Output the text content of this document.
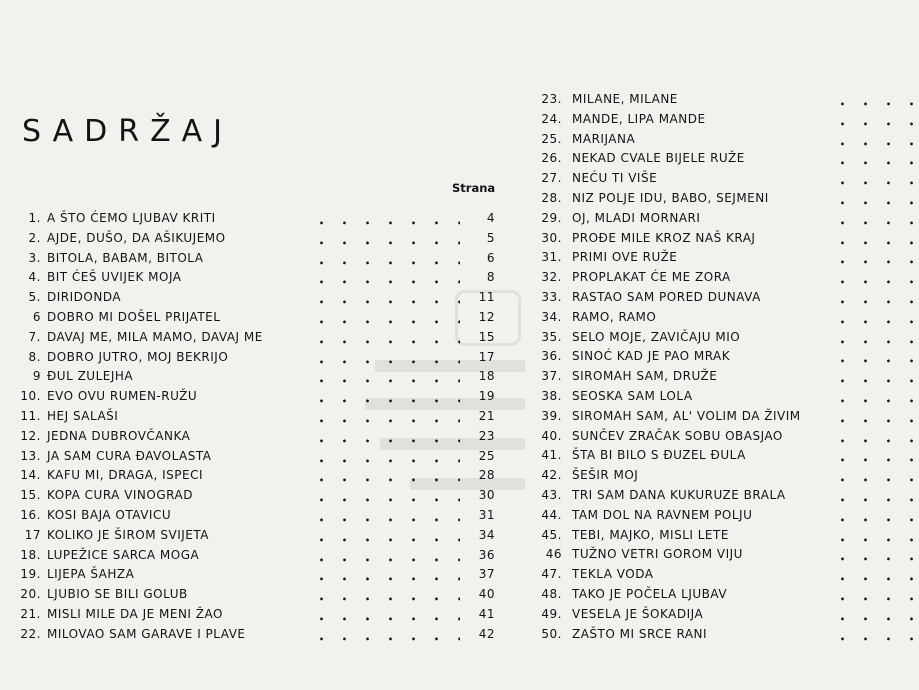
SADRŽAJ
Strana
1. A ŠTO ĆEMO LJUBAV KRITI	4
2. AJDE, DUŠO, DA AŠIKUJEMO	5
3. BITOLA, BABAM, BITOLA	6
4. BIT ĆEŠ UVIJEK MOJA	8
5. DIRIDONDA	11
6 DOBRO MI DOŠEL PRIJATEL	12
7. DAVAJ ME, MILA MAMO, DAVAJ ME	15
8. DOBRO JUTRO, MOJ BEKRIJO	17
9 ĐUL ZULEJHA	18
10. EVO OVU RUMEN-RUŽU	19
11. HEJ SALAŠI	21
12. JEDNA DUBROVČANKA	23
13. JA SAM CURA ĐAVOLASTA	25
14. KAFU MI, DRAGA, ISPECI	28
15. KOPA CURA VINOGRAD	30
16. KOSI BAJA OTAVICU	31
17 KOLIKO JE ŠIROM SVIJETA	34
18. LUPEŽICE SARCA MOGA	36
19. LIJEPA ŠAHZA	37
20. LJUBIO SE BILI GOLUB	40
21. MISLI MILE DA JE MENI ŽAO	41
22. MILOVAO SAM GARAVE I PLAVE	42
23. MILANE, MILANE
24. MANDE, LIPA MANDE
25. MARIJANA
26. NEKAD CVALE BIJELE RUŽE
27. NEĆU TI VIŠE
28. NIZ POLJE IDU, BABO, SEJMENI
29. OJ, MLADI MORNARI
30. PROĐE MILE KROZ NAŠ KRAJ
31. PRIMI OVE RUŽE
32. PROPLAKAT ĆE ME ZORA
33. RASTAO SAM PORED DUNAVA
34. RAMO, RAMO
35. SELO MOJE, ZAVIČAJU MIO
36. SINOĆ KAD JE PAO MRAK
37. SIROMAH SAM, DRUŽE
38. SEOSKA SAM LOLA
39. SIROMAH SAM, AL' VOLIM DA ŽIVIM
40. SUNČEV ZRAČAK SOBU OBASJAO
41. ŠTA BI BILO S ĐUZEL ĐULA
42. ŠEŠIR MOJ
43. TRI SAM DANA KUKURUZE BRALA
44. TAM DOL NA RAVNEM POLJU
45. TEBI, MAJKO, MISLI LETE
46 TUŽNO VETRI GOROM VIJU
47. TEKLA VODA
48. TAKO JE POČELA LJUBAV
49. VESELA JE ŠOKADIJA
50. ZAŠTO MI SRCE RANI
